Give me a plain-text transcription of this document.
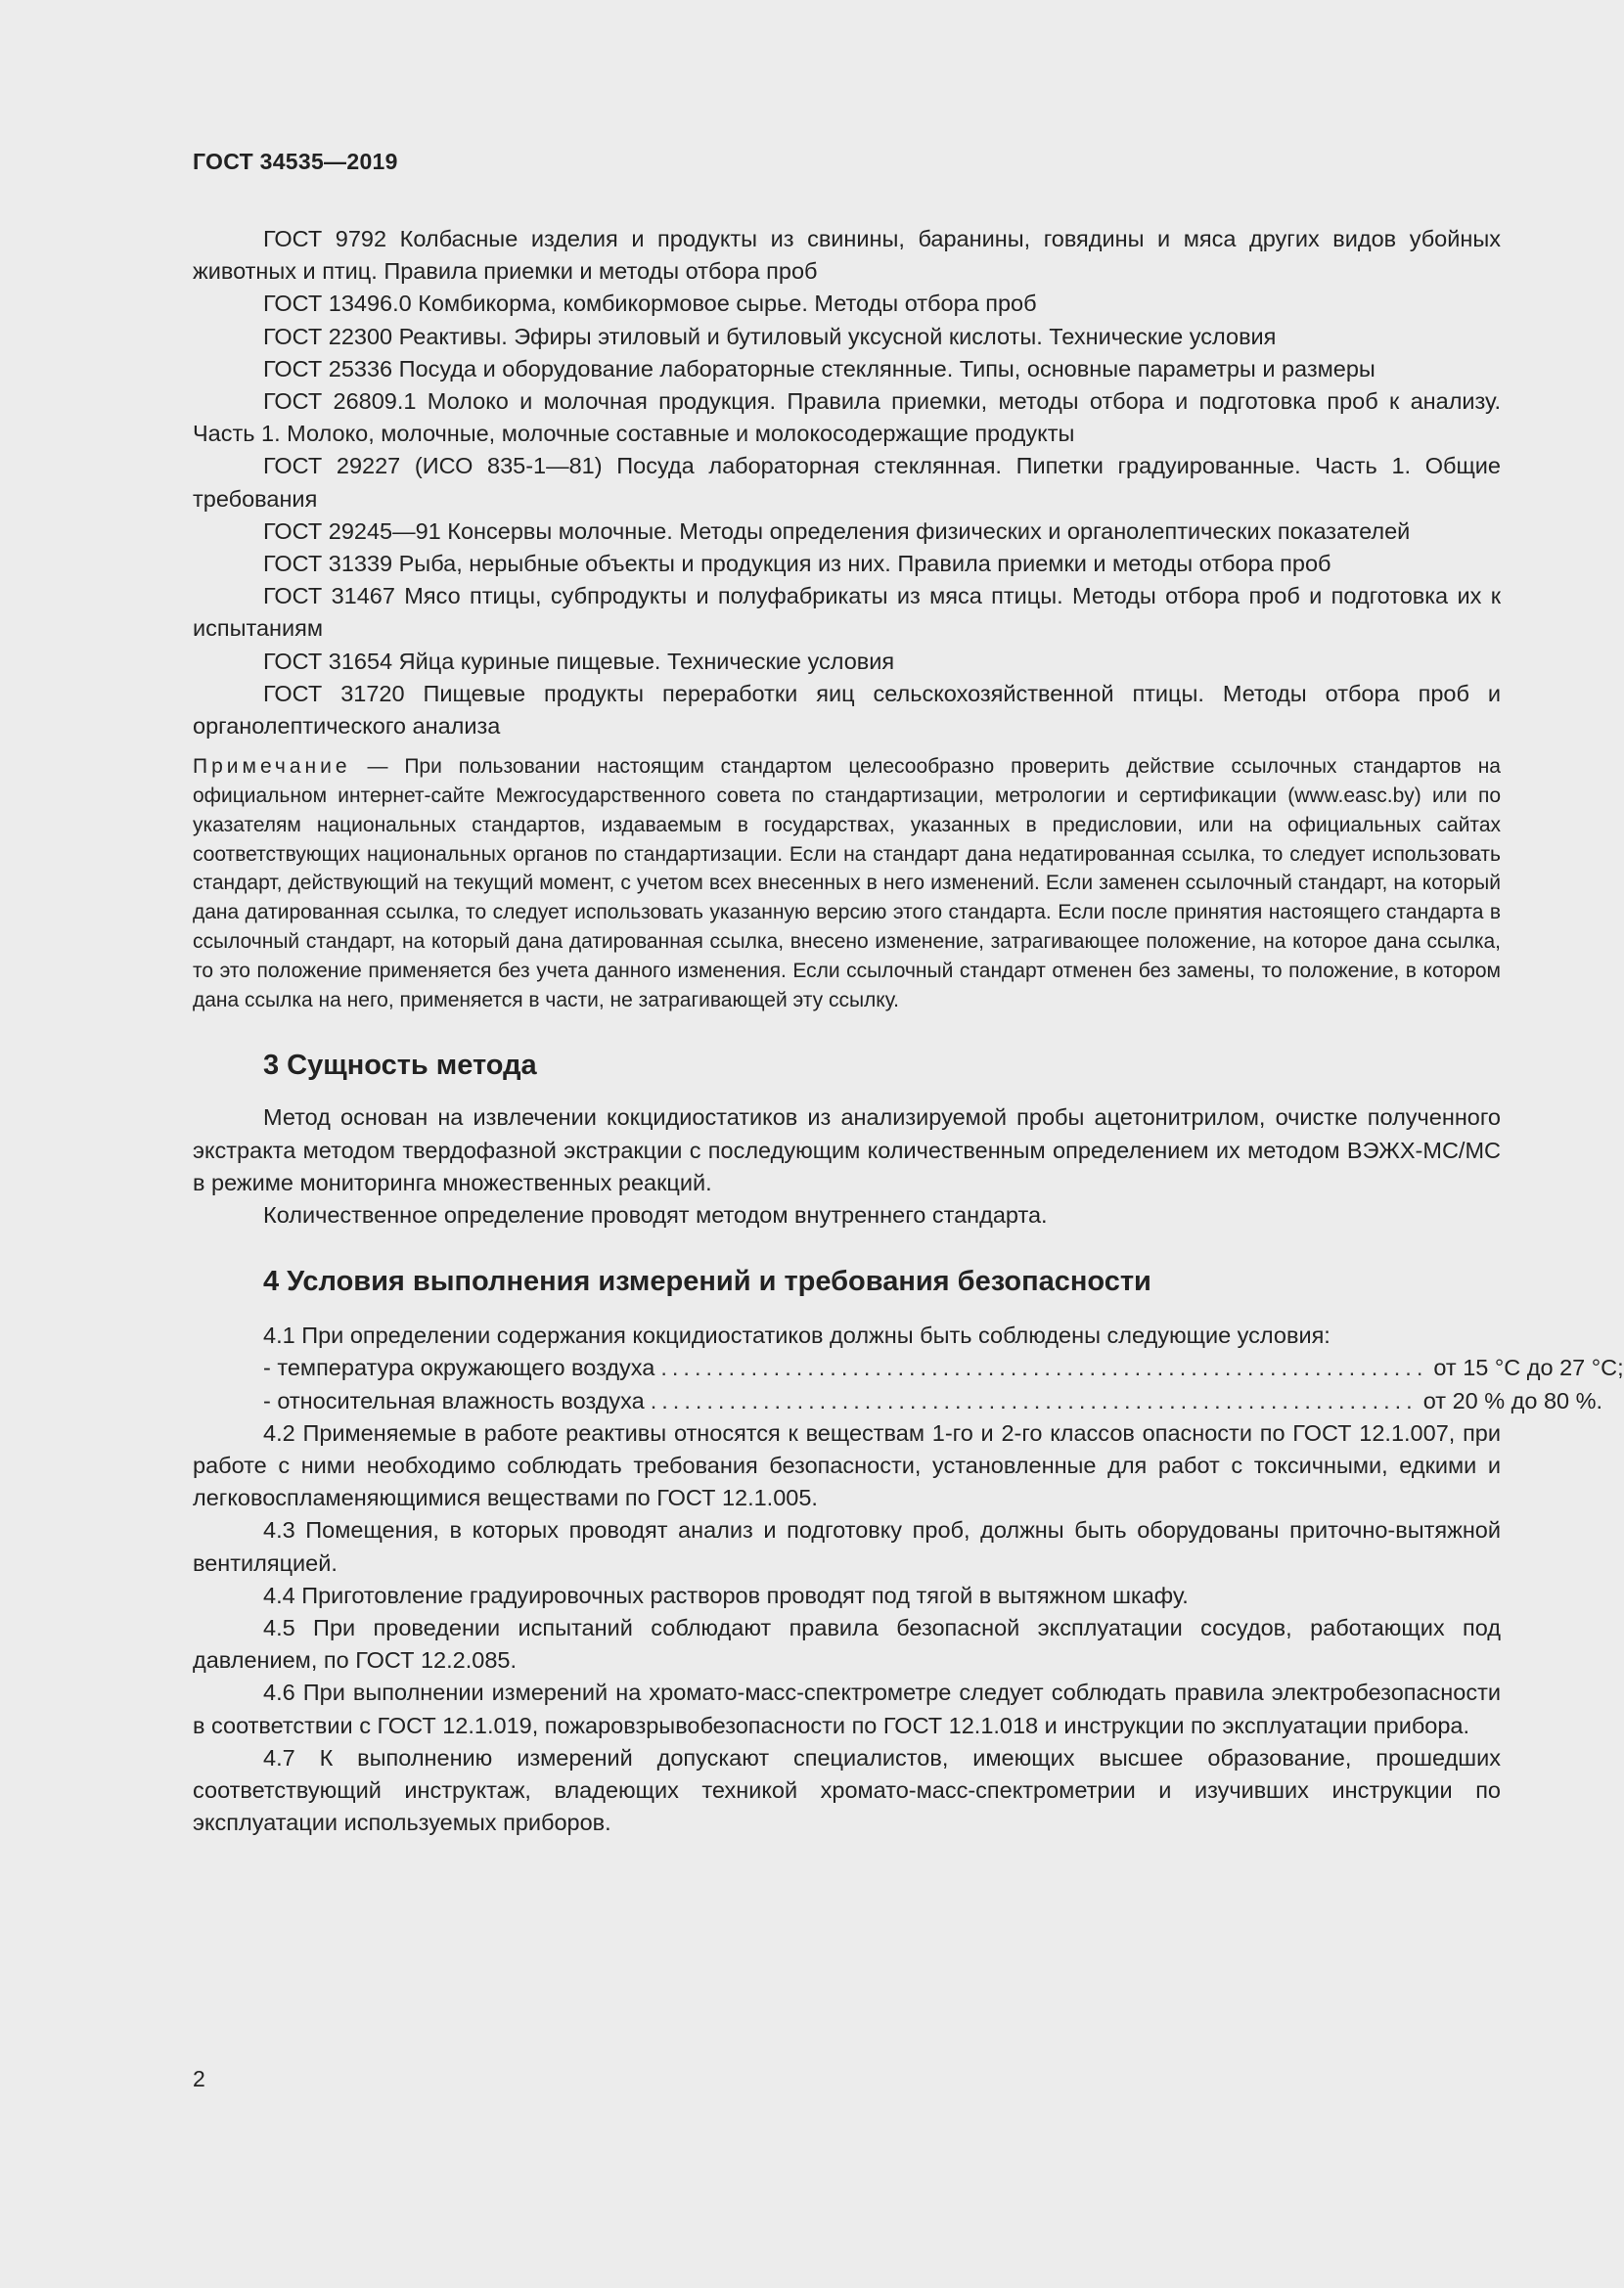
ГОСТ 34535—2019

ГОСТ 9792 Колбасные изделия и продукты из свинины, баранины, говядины и мяса других видов убойных животных и птиц. Правила приемки и методы отбора проб

ГОСТ 13496.0 Комбикорма, комбикормовое сырье. Методы отбора проб

ГОСТ 22300 Реактивы. Эфиры этиловый и бутиловый уксусной кислоты. Технические условия

ГОСТ 25336 Посуда и оборудование лабораторные стеклянные. Типы, основные параметры и размеры

ГОСТ 26809.1 Молоко и молочная продукция. Правила приемки, методы отбора и подготовка проб к анализу. Часть 1. Молоко, молочные, молочные составные и молокосодержащие продукты

ГОСТ 29227 (ИСО 835-1—81) Посуда лабораторная стеклянная. Пипетки градуированные. Часть 1. Общие требования

ГОСТ 29245—91 Консервы молочные. Методы определения физических и органолептических показателей

ГОСТ 31339 Рыба, нерыбные объекты и продукция из них. Правила приемки и методы отбора проб

ГОСТ 31467 Мясо птицы, субпродукты и полуфабрикаты из мяса птицы. Методы отбора проб и подготовка их к испытаниям

ГОСТ 31654 Яйца куриные пищевые. Технические условия

ГОСТ 31720 Пищевые продукты переработки яиц сельскохозяйственной птицы. Методы отбора проб и органолептического анализа

Примечание — При пользовании настоящим стандартом целесообразно проверить действие ссылочных стандартов на официальном интернет-сайте Межгосударственного совета по стандартизации, метрологии и сертификации (www.easc.by) или по указателям национальных стандартов, издаваемым в государствах, указанных в предисловии, или на официальных сайтах соответствующих национальных органов по стандартизации. Если на стандарт дана недатированная ссылка, то следует использовать стандарт, действующий на текущий момент, с учетом всех внесенных в него изменений. Если заменен ссылочный стандарт, на который дана датированная ссылка, то следует использовать указанную версию этого стандарта. Если после принятия настоящего стандарта в ссылочный стандарт, на который дана датированная ссылка, внесено изменение, затрагивающее положение, на которое дана ссылка, то это положение применяется без учета данного изменения. Если ссылочный стандарт отменен без замены, то положение, в котором дана ссылка на него, применяется в части, не затрагивающей эту ссылку.

3 Сущность метода

Метод основан на извлечении кокцидиостатиков из анализируемой пробы ацетонитрилом, очистке полученного экстракта методом твердофазной экстракции с последующим количественным определением их методом ВЭЖХ-МС/МС в режиме мониторинга множественных реакций.

Количественное определение проводят методом внутреннего стандарта.

4 Условия выполнения измерений и требования безопасности

4.1 При определении содержания кокцидиостатиков должны быть соблюдены следующие условия:

- температура окружающего воздуха .................................................................... от 15 °С до 27 °С;
- относительная влажность воздуха .................................................................... от 20 % до 80 %.

4.2 Применяемые в работе реактивы относятся к веществам 1-го и 2-го классов опасности по ГОСТ 12.1.007, при работе с ними необходимо соблюдать требования безопасности, установленные для работ с токсичными, едкими и легковоспламеняющимися веществами по ГОСТ 12.1.005.

4.3 Помещения, в которых проводят анализ и подготовку проб, должны быть оборудованы приточно-вытяжной вентиляцией.

4.4 Приготовление градуировочных растворов проводят под тягой в вытяжном шкафу.

4.5 При проведении испытаний соблюдают правила безопасной эксплуатации сосудов, работающих под давлением, по ГОСТ 12.2.085.

4.6 При выполнении измерений на хромато-масс-спектрометре следует соблюдать правила электробезопасности в соответствии с ГОСТ 12.1.019, пожаровзрывобезопасности по ГОСТ 12.1.018 и инструкции по эксплуатации прибора.

4.7 К выполнению измерений допускают специалистов, имеющих высшее образование, прошедших соответствующий инструктаж, владеющих техникой хромато-масс-спектрометрии и изучивших инструкции по эксплуатации используемых приборов.

2
